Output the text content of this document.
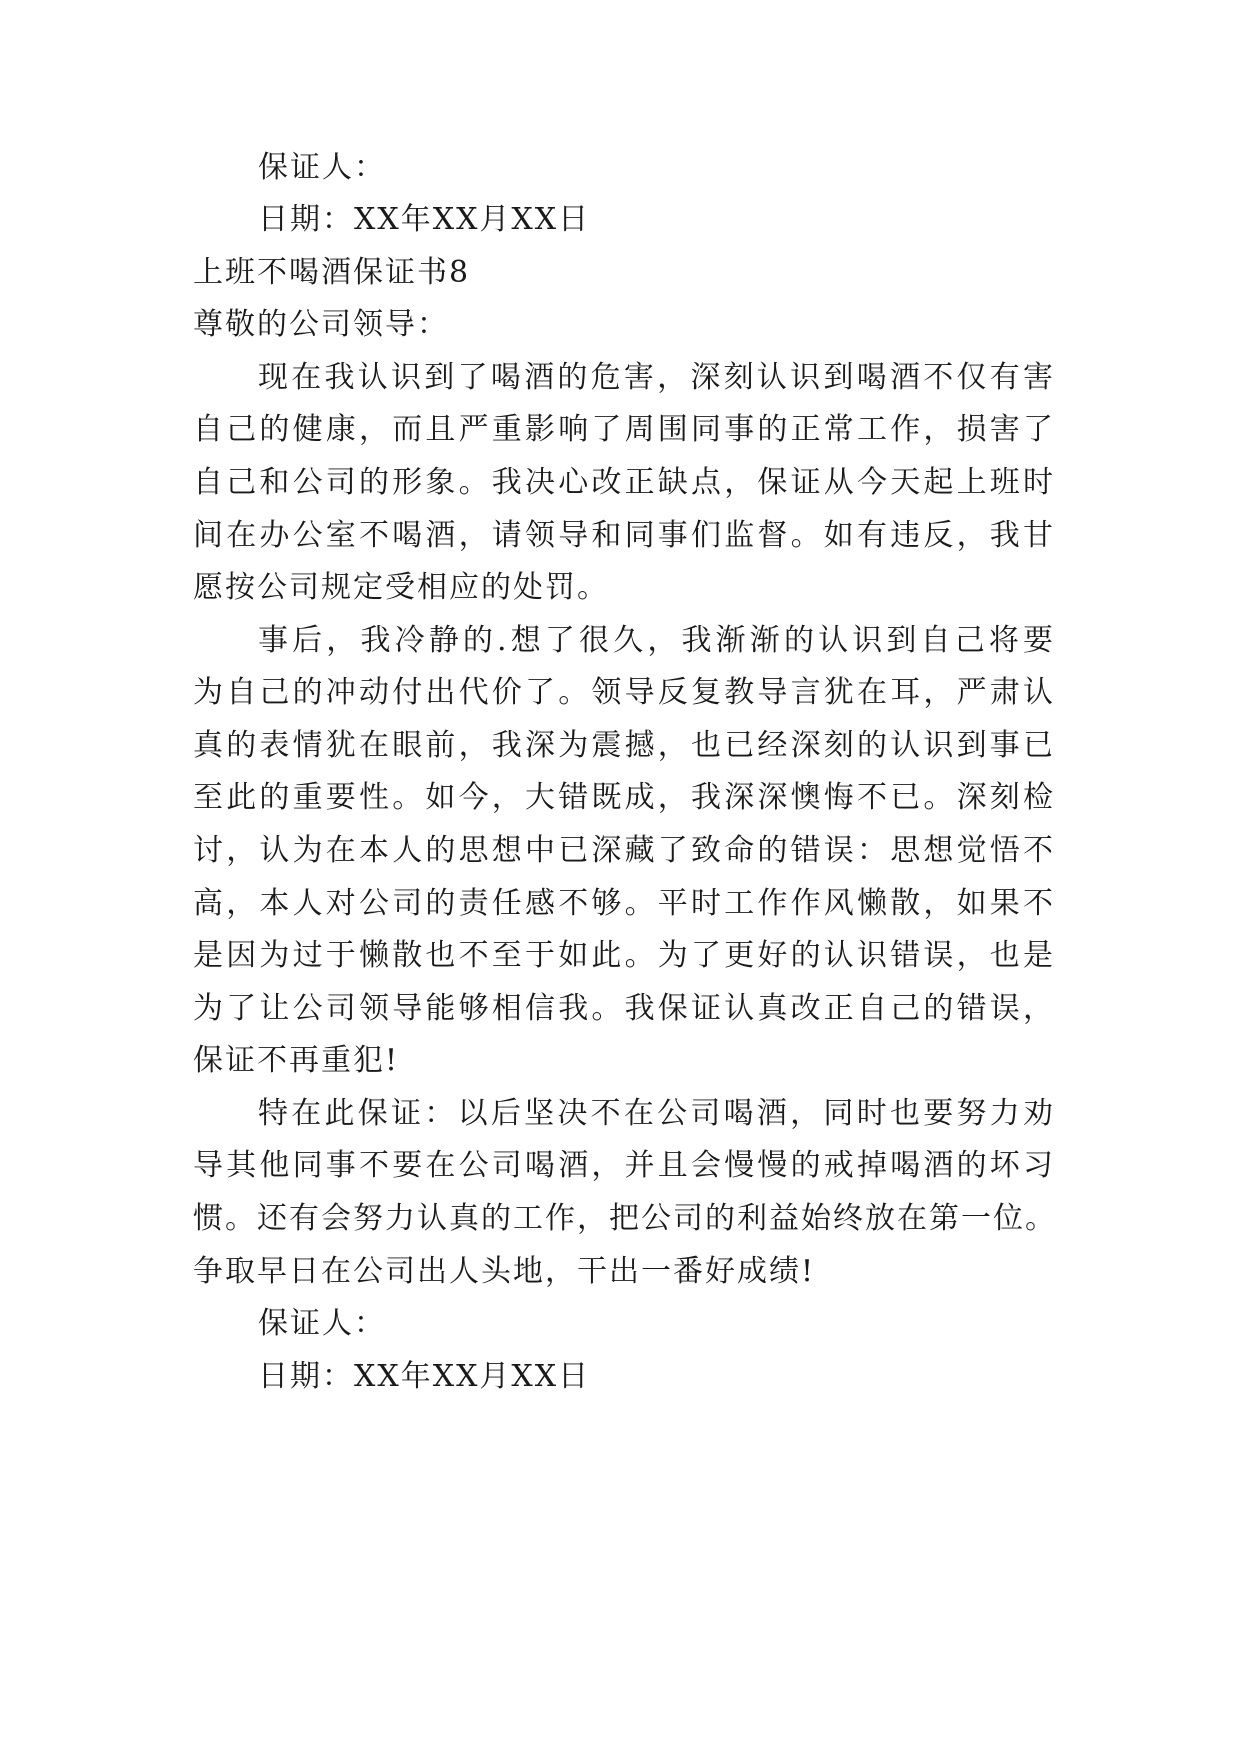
保证人：
日期：XX年XX月XX日
上班不喝酒保证书8
尊敬的公司领导：
现在我认识到了喝酒的危害，深刻认识到喝酒不仅有害
自己的健康，而且严重影响了周围同事的正常工作，损害了
自己和公司的形象。我决心改正缺点，保证从今天起上班时
间在办公室不喝酒，请领导和同事们监督。如有违反，我甘
愿按公司规定受相应的处罚。
事后，我冷静的.想了很久，我渐渐的认识到自己将要
为自己的冲动付出代价了。领导反复教导言犹在耳，严肃认
真的表情犹在眼前，我深为震撼，也已经深刻的认识到事已
至此的重要性。如今，大错既成，我深深懊悔不已。深刻检
讨，认为在本人的思想中已深藏了致命的错误：思想觉悟不
高，本人对公司的责任感不够。平时工作作风懒散，如果不
是因为过于懒散也不至于如此。为了更好的认识错误，也是
为了让公司领导能够相信我。我保证认真改正自己的错误，
保证不再重犯!
特在此保证：以后坚决不在公司喝酒，同时也要努力劝
导其他同事不要在公司喝酒，并且会慢慢的戒掉喝酒的坏习
惯。还有会努力认真的工作，把公司的利益始终放在第一位。
争取早日在公司出人头地，干出一番好成绩!
保证人：
日期：XX年XX月XX日
